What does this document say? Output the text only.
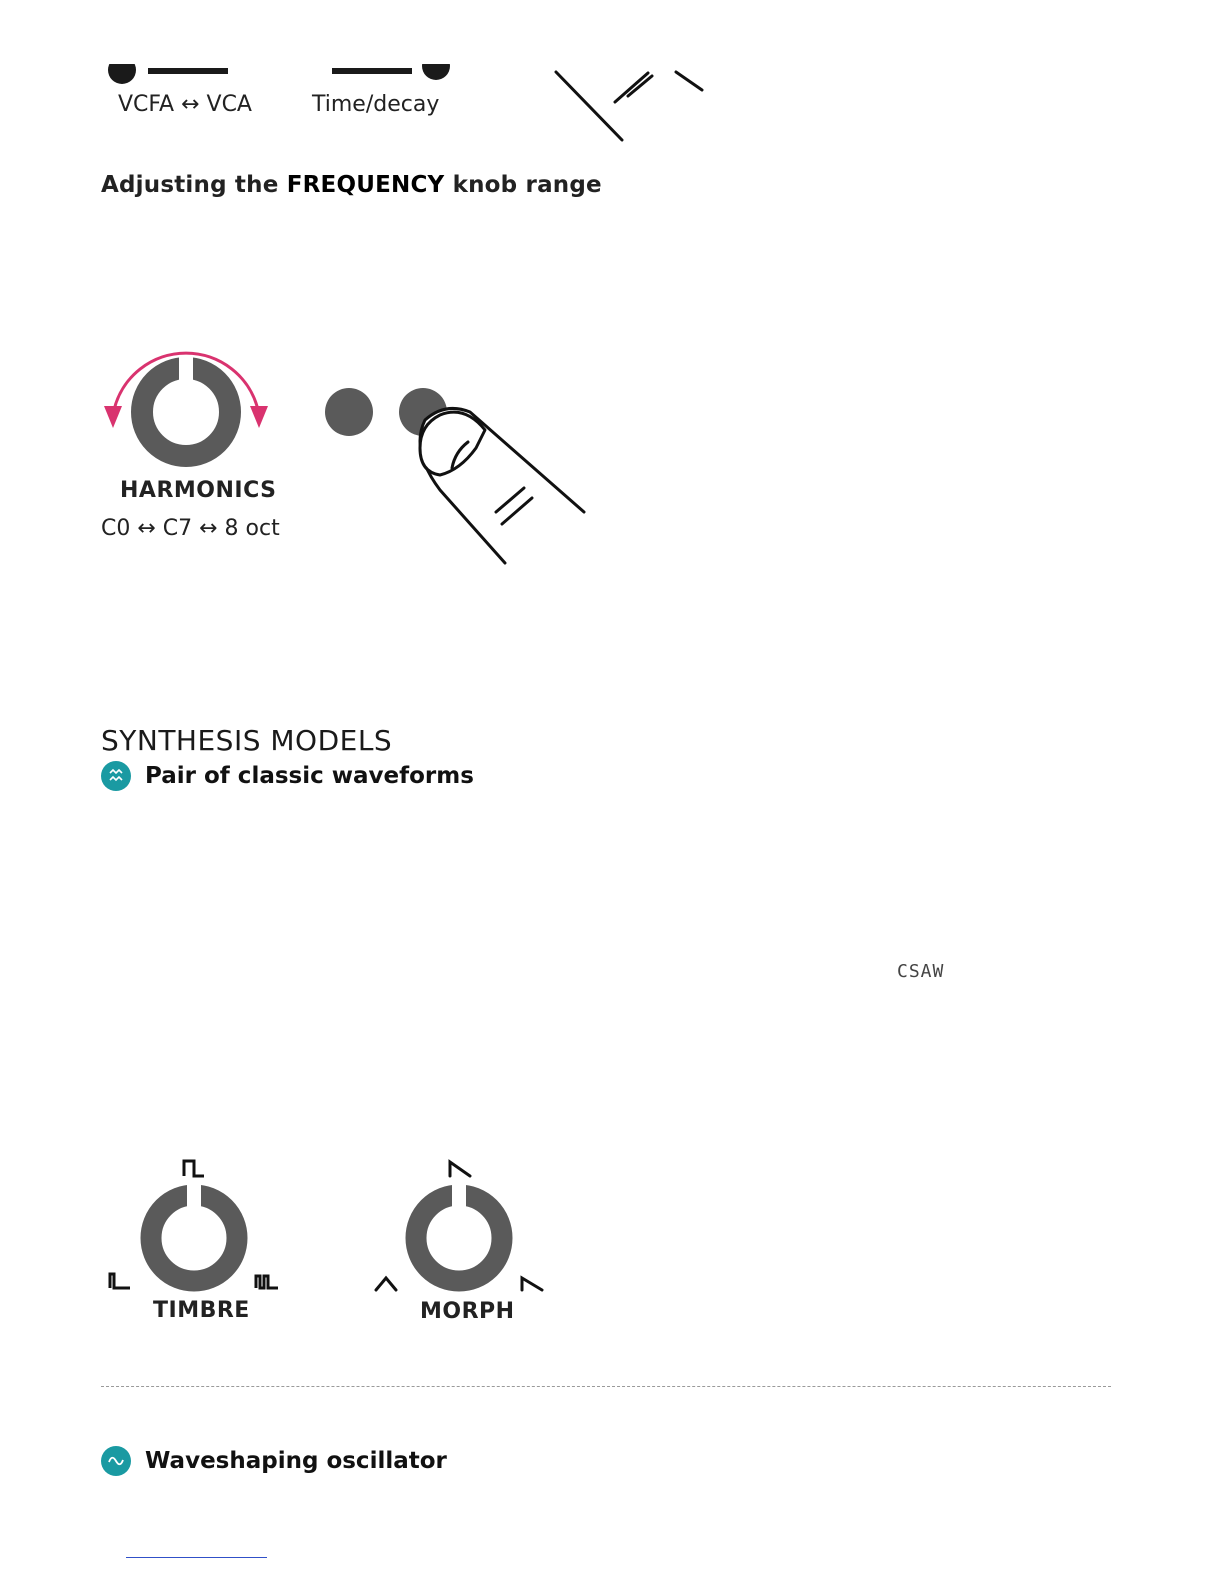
VCFA ↔ VCA	Time/decay
Adjusting the FREQUENCY knob range
HARMONICS
C0 ↔ C7 ↔ 8 oct
SYNTHESIS MODELS
Pair of classic waveforms
CSAW
TIMBRE	MORPH
Waveshaping oscillator
